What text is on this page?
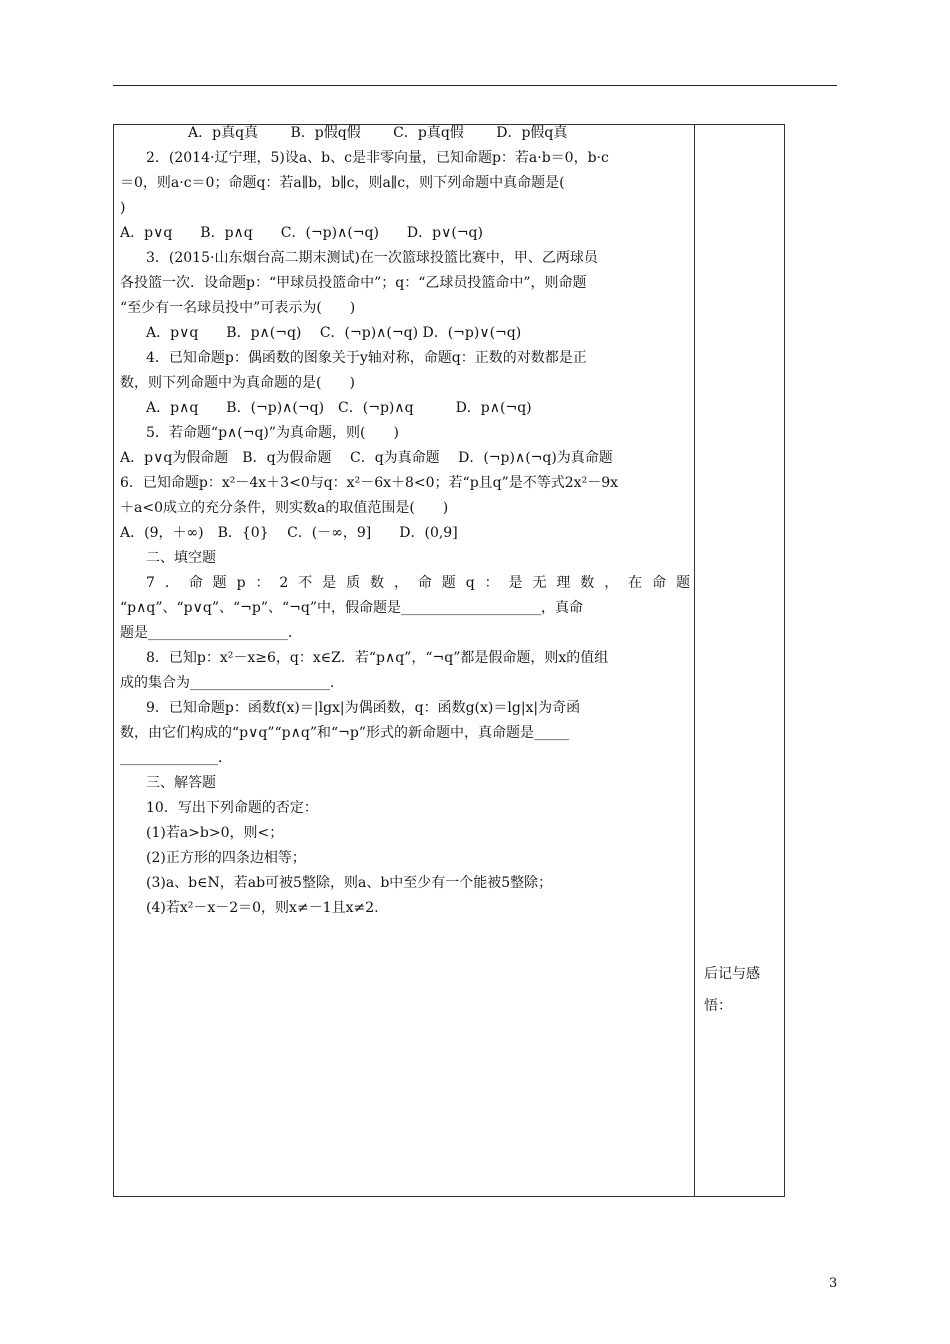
A．p真q真　　 B．p假q假　　 C．p真q假　　 D．p假q真
2．(2014·辽宁理，5)设a、b、c是非零向量，已知命题p：若a·b＝0，b·c
＝0，则a·c＝0；命题q：若a∥b，b∥c，则a∥c，则下列命题中真命题是(
)
A．p∨q　　B．p∧q　　C．(¬p)∧(¬q)　　D．p∨(¬q)
3．(2015·山东烟台高二期末测试)在一次篮球投篮比赛中，甲、乙两球员
各投篮一次．设命题p：“甲球员投篮命中”；q：“乙球员投篮命中”，则命题
“至少有一名球员投中”可表示为(　　)
A．p∨q　　B．p∧(¬q)　 C．(¬p)∧(¬q) D．(¬p)∨(¬q)
4．已知命题p：偶函数的图象关于y轴对称，命题q：正数的对数都是正
数，则下列命题中为真命题的是(　　)
A．p∧q　　B．(¬p)∧(¬q)　C．(¬p)∧q　　　D．p∧(¬q)
5．若命题“p∧(¬q)”为真命题，则(　　)
A．p∨q为假命题　B．q为假命题　 C．q为真命题　 D．(¬p)∧(¬q)为真命题
6．已知命题p：x²－4x＋3<0与q：x²－6x＋8<0；若“p且q”是不等式2x²－9x
＋a<0成立的充分条件，则实数a的取值范围是(　　)
A．(9，＋∞)　B．{0}　 C．(－∞，9]　　D．(0,9]
二、填空题
7．命题p：2不是质数，命题q：是无理数，在命题
“p∧q”、“p∨q”、“¬p”、“¬q”中，假命题是____________________，真命
题是____________________．
8．已知p：x²－x≥6，q：x∈Z．若“p∧q”，“¬q”都是假命题，则x的值组
成的集合为____________________．
9．已知命题p：函数f(x)＝|lgx|为偶函数，q：函数g(x)＝lg|x|为奇函
数，由它们构成的“p∨q”“p∧q”和“¬p”形式的新命题中，真命题是_____
______________．
三、解答题
10．写出下列命题的否定：
(1)若a>b>0，则<；
(2)正方形的四条边相等；
(3)a、b∈N，若ab可被5整除，则a、b中至少有一个能被5整除；
(4)若x²－x－2＝0，则x≠－1且x≠2.
后记与感
悟：
3
